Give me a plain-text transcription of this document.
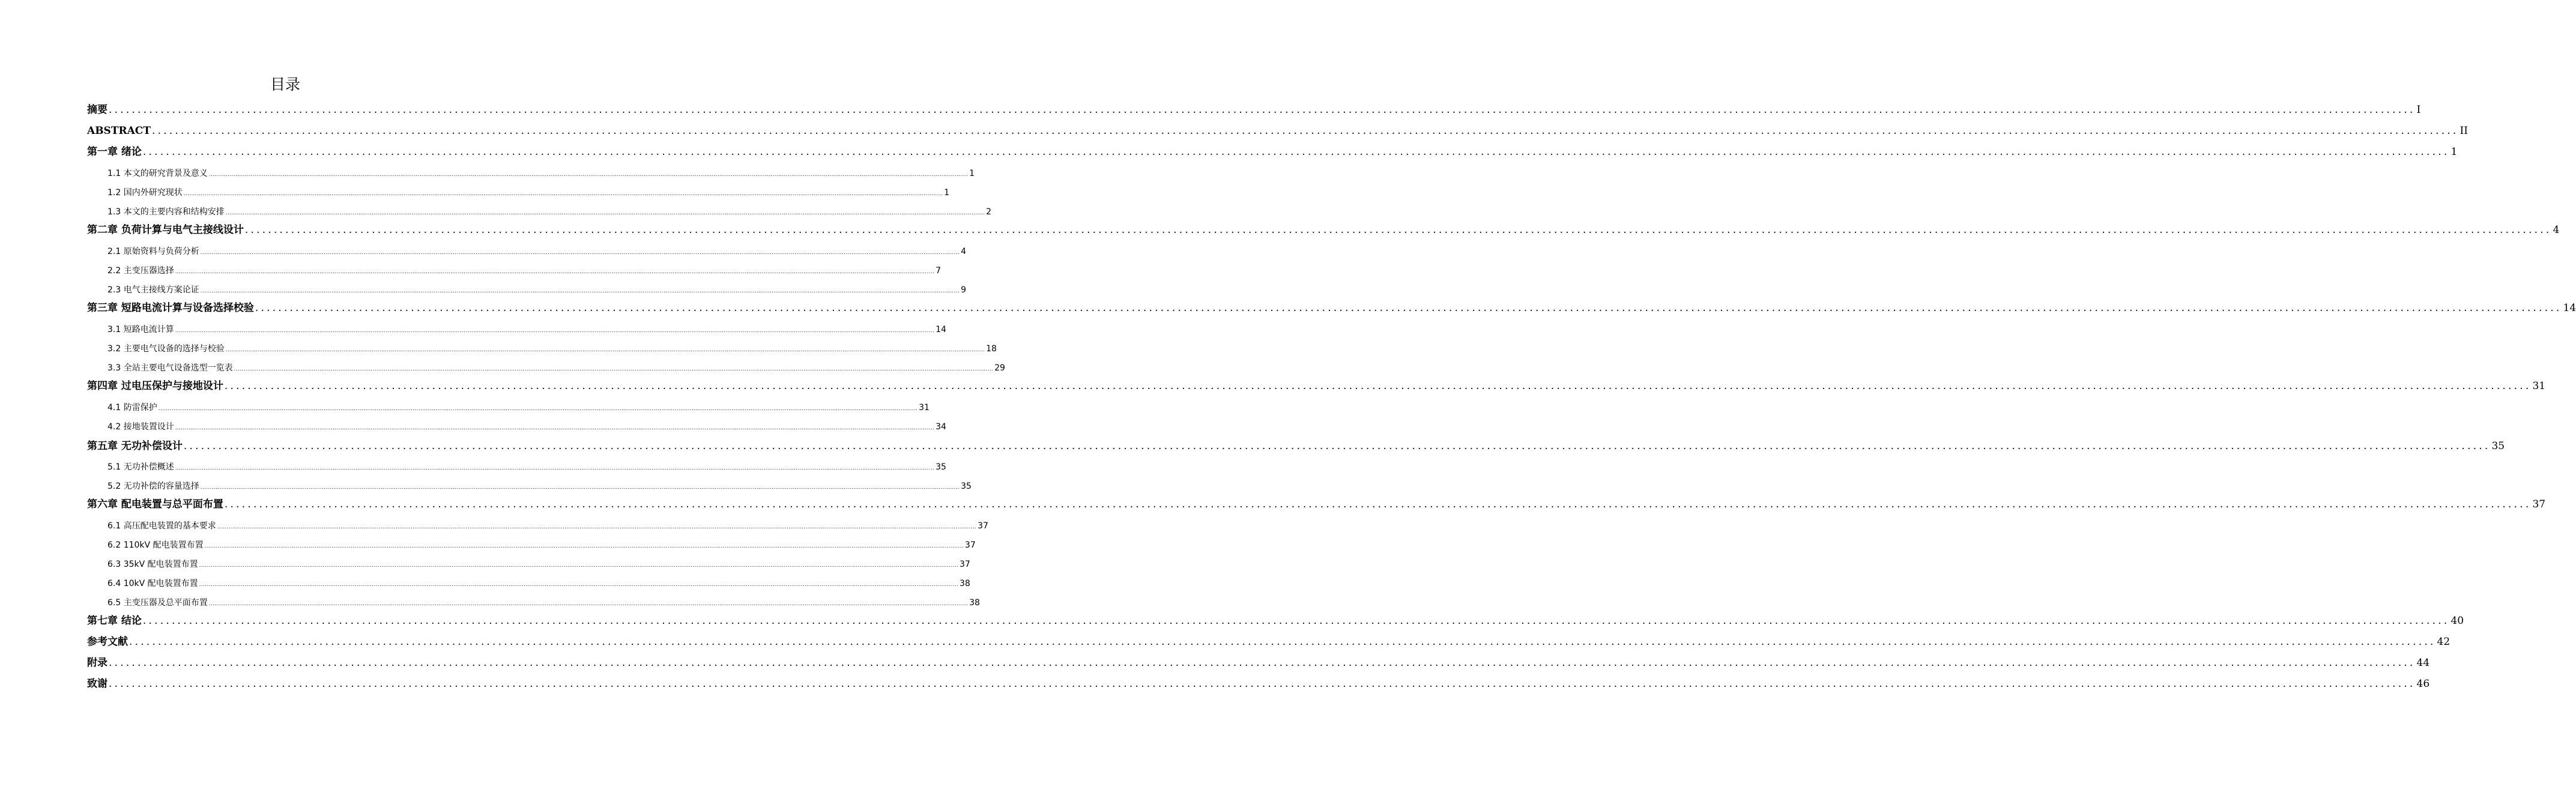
目录
摘要 ................................................................................................................................................................................................................................................................................................................................................................................................................ I
ABSTRACT ................................................................................................................................................................................................................................................................................................................................................................................................................ II
第一章 绪论 ................................................................................................................................................................................................................................................................................................................................................................................................................ 1
1.1 本文的研究背景及意义 ................................................................................................................................................................................................................................................................................................................................................................................................................ 1
1.2 国内外研究现状 ................................................................................................................................................................................................................................................................................................................................................................................................................ 1
1.3 本文的主要内容和结构安排 ................................................................................................................................................................................................................................................................................................................................................................................................................ 2
第二章 负荷计算与电气主接线设计 ................................................................................................................................................................................................................................................................................................................................................................................................................ 4
2.1 原始资料与负荷分析 ................................................................................................................................................................................................................................................................................................................................................................................................................ 4
2.2 主变压器选择 ................................................................................................................................................................................................................................................................................................................................................................................................................ 7
2.3 电气主接线方案论证 ................................................................................................................................................................................................................................................................................................................................................................................................................ 9
第三章 短路电流计算与设备选择校验 ................................................................................................................................................................................................................................................................................................................................................................................................................ 14
3.1 短路电流计算 ................................................................................................................................................................................................................................................................................................................................................................................................................ 14
3.2 主要电气设备的选择与校验 ................................................................................................................................................................................................................................................................................................................................................................................................................ 18
3.3 全站主要电气设备选型一览表 ................................................................................................................................................................................................................................................................................................................................................................................................................ 29
第四章 过电压保护与接地设计 ................................................................................................................................................................................................................................................................................................................................................................................................................ 31
4.1 防雷保护 ................................................................................................................................................................................................................................................................................................................................................................................................................ 31
4.2 接地装置设计 ................................................................................................................................................................................................................................................................................................................................................................................................................ 34
第五章 无功补偿设计 ................................................................................................................................................................................................................................................................................................................................................................................................................ 35
5.1 无功补偿概述 ................................................................................................................................................................................................................................................................................................................................................................................................................ 35
5.2 无功补偿的容量选择 ................................................................................................................................................................................................................................................................................................................................................................................................................ 35
第六章 配电装置与总平面布置 ................................................................................................................................................................................................................................................................................................................................................................................................................ 37
6.1 高压配电装置的基本要求 ................................................................................................................................................................................................................................................................................................................................................................................................................ 37
6.2 110kV 配电装置布置 ................................................................................................................................................................................................................................................................................................................................................................................................................ 37
6.3 35kV 配电装置布置 ................................................................................................................................................................................................................................................................................................................................................................................................................ 37
6.4 10kV 配电装置布置 ................................................................................................................................................................................................................................................................................................................................................................................................................ 38
6.5 主变压器及总平面布置 ................................................................................................................................................................................................................................................................................................................................................................................................................ 38
第七章 结论 ................................................................................................................................................................................................................................................................................................................................................................................................................ 40
参考文献 ................................................................................................................................................................................................................................................................................................................................................................................................................ 42
附录 ................................................................................................................................................................................................................................................................................................................................................................................................................ 44
致谢 ................................................................................................................................................................................................................................................................................................................................................................................................................ 46
